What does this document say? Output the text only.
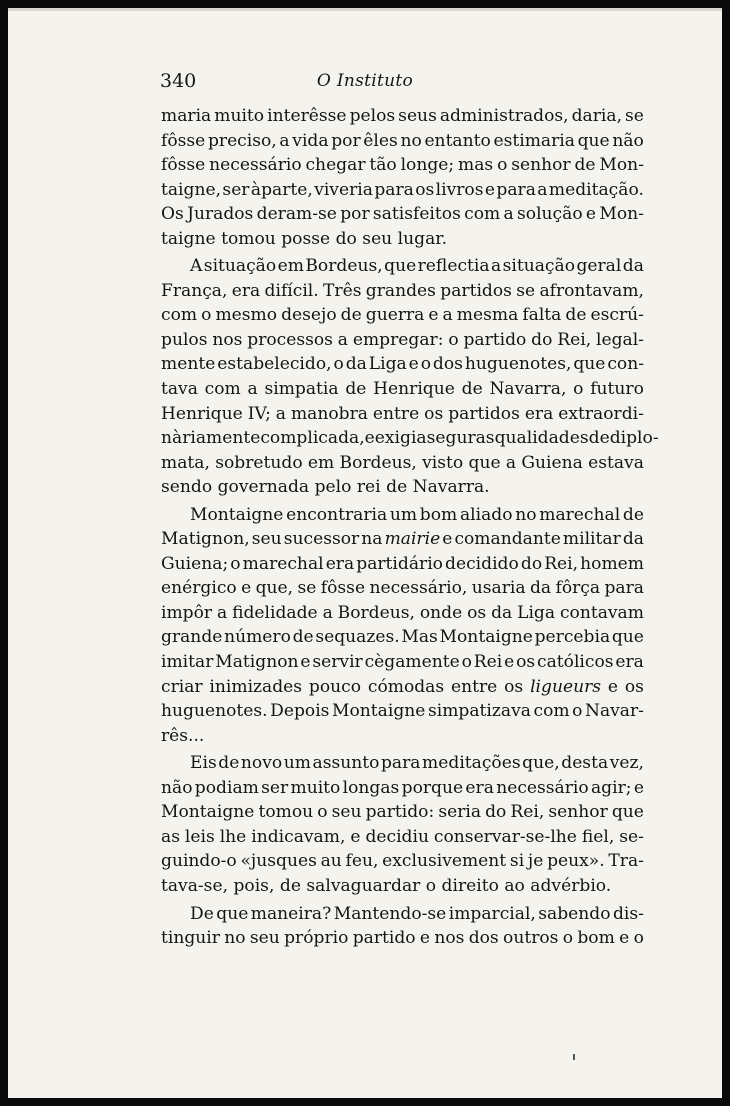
O Instituto
340
maria muito interêsse pelos seus administrados, daria, se
fôsse preciso, a vida por êles no entanto estimaria que não
fôsse necessário chegar tão longe; mas o senhor de Mon-
taigne, ser àparte, viveria para os livros e para a meditação.
Os Jurados deram-se por satisfeitos com a solução e Mon-
taigne tomou posse do seu lugar.
A situação em Bordeus, que reflectia a situação geral da
França, era difícil. Três grandes partidos se afrontavam,
com o mesmo desejo de guerra e a mesma falta de escrú-
pulos nos processos a empregar: o partido do Rei, legal-
mente estabelecido, o da Liga e o dos huguenotes, que con-
tava com a simpatia de Henrique de Navarra, o futuro
Henrique IV; a manobra entre os partidos era extraordi-
nàriamente complicada, e exigia seguras qualidades de diplo-
mata, sobretudo em Bordeus, visto que a Guiena estava
sendo governada pelo rei de Navarra.
Montaigne encontraria um bom aliado no marechal de
Matignon, seu sucessor na mairie e comandante militar da
Guiena; o marechal era partidário decidido do Rei, homem
enérgico e que, se fôsse necessário, usaria da fôrça para
impôr a fidelidade a Bordeus, onde os da Liga contavam
grande número de sequazes. Mas Montaigne percebia que
imitar Matignon e servir cègamente o Rei e os católicos era
criar inimizades pouco cómodas entre os ligueurs e os
huguenotes. Depois Montaigne simpatizava com o Navar-
rês...
Eis de novo um assunto para meditações que, desta vez,
não podiam ser muito longas porque era necessário agir; e
Montaigne tomou o seu partido: seria do Rei, senhor que
as leis lhe indicavam, e decidiu conservar-se-lhe fiel, se-
guindo-o «jusques au feu, exclusivement si je peux». Tra-
tava-se, pois, de salvaguardar o direito ao advérbio.
De que maneira? Mantendo-se imparcial, sabendo dis-
tinguir no seu próprio partido e nos dos outros o bom e o
